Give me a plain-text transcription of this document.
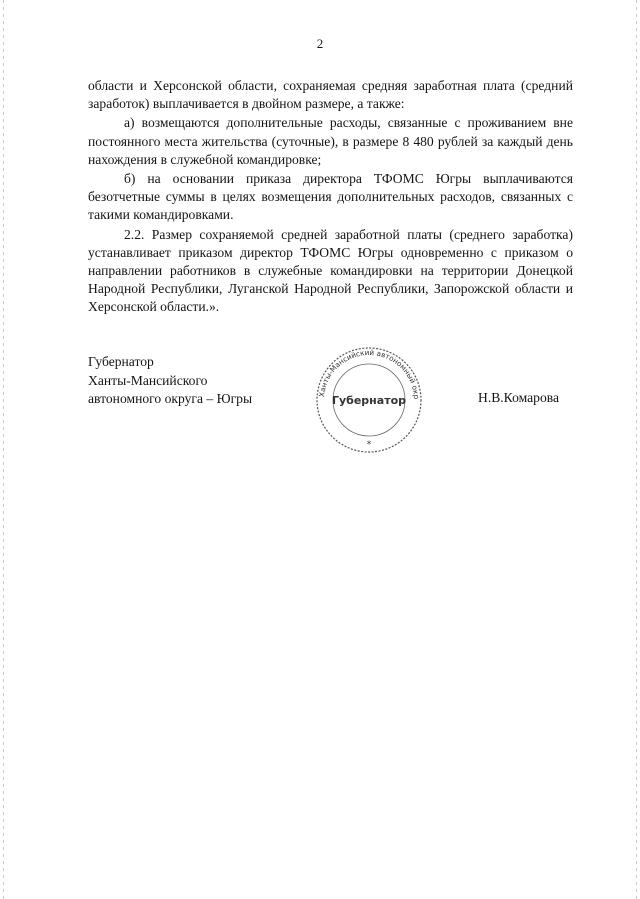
2

области и Херсонской области, сохраняемая средняя заработная плата (средний заработок) выплачивается в двойном размере, а также:

а) возмещаются дополнительные расходы, связанные с проживанием вне постоянного места жительства (суточные), в размере 8 480 рублей за каждый день нахождения в служебной командировке;

б) на основании приказа директора ТФОМС Югры выплачиваются безотчетные суммы в целях возмещения дополнительных расходов, связанных с такими командировками.

2.2. Размер сохраняемой средней заработной платы (среднего заработка) устанавливает приказом директор ТФОМС Югры одновременно с приказом о направлении работников в служебные командировки на территории Донецкой Народной Республики, Луганской Народной Республики, Запорожской области и Херсонской области.».

Губернатор
Ханты-Мансийского
автономного округа – Югры	Ханты-Мансийский автономный окр
Губернатор
*
Н.В.Комарова
